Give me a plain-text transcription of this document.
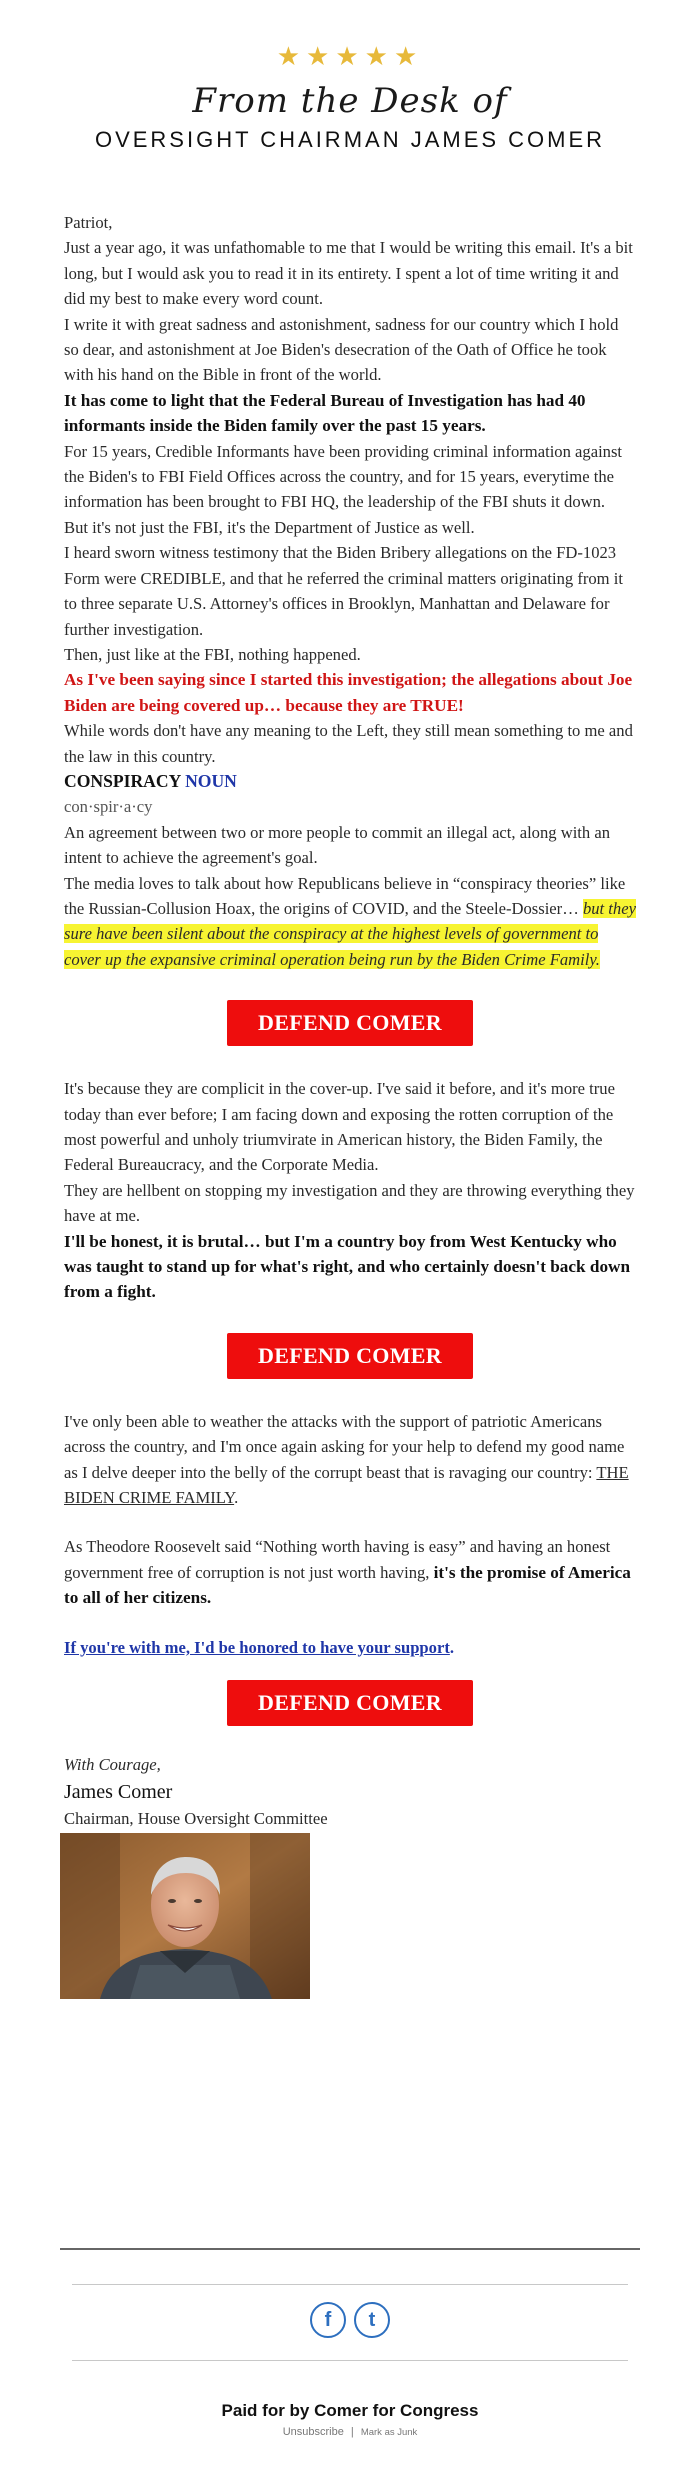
★★★★★
From the Desk of
OVERSIGHT CHAIRMAN JAMES COMER

Patriot,

Just a year ago, it was unfathomable to me that I would be writing this email. It's a bit long, but I would ask you to read it in its entirety. I spent a lot of time writing it and did my best to make every word count.

I write it with great sadness and astonishment, sadness for our country which I hold so dear, and astonishment at Joe Biden's desecration of the Oath of Office he took with his hand on the Bible in front of the world.

It has come to light that the Federal Bureau of Investigation has had 40 informants inside the Biden family over the past 15 years.

For 15 years, Credible Informants have been providing criminal information against the Biden's to FBI Field Offices across the country, and for 15 years, everytime the information has been brought to FBI HQ, the leadership of the FBI shuts it down.

But it's not just the FBI, it's the Department of Justice as well.

I heard sworn witness testimony that the Biden Bribery allegations on the FD-1023 Form were CREDIBLE, and that he referred the criminal matters originating from it to three separate U.S. Attorney's offices in Brooklyn, Manhattan and Delaware for further investigation.

Then, just like at the FBI, nothing happened.

As I've been saying since I started this investigation; the allegations about Joe Biden are being covered up… because they are TRUE!

While words don't have any meaning to the Left, they still mean something to me and the law in this country.

CONSPIRACY NOUN

con·spir·a·cy

An agreement between two or more people to commit an illegal act, along with an intent to achieve the agreement's goal.

The media loves to talk about how Republicans believe in “conspiracy theories” like the Russian-Collusion Hoax, the origins of COVID, and the Steele-Dossier… but they sure have been silent about the conspiracy at the highest levels of government to cover up the expansive criminal operation being run by the Biden Crime Family.

DEFEND COMER

It's because they are complicit in the cover-up. I've said it before, and it's more true today than ever before; I am facing down and exposing the rotten corruption of the most powerful and unholy triumvirate in American history, the Biden Family, the Federal Bureaucracy, and the Corporate Media.

They are hellbent on stopping my investigation and they are throwing everything they have at me.

I'll be honest, it is brutal… but I'm a country boy from West Kentucky who was taught to stand up for what's right, and who certainly doesn't back down from a fight.

DEFEND COMER

I've only been able to weather the attacks with the support of patriotic Americans across the country, and I'm once again asking for your help to defend my good name as I delve deeper into the belly of the corrupt beast that is ravaging our country: THE BIDEN CRIME FAMILY.

As Theodore Roosevelt said “Nothing worth having is easy” and having an honest government free of corruption is not just worth having, it's the promise of America to all of her citizens.

If you're with me, I'd be honored to have your support.

DEFEND COMER

With Courage,

James Comer

Chairman, House Oversight Committee

f t
Paid for by Comer for Congress
Unsubscribe | Mark as Junk
